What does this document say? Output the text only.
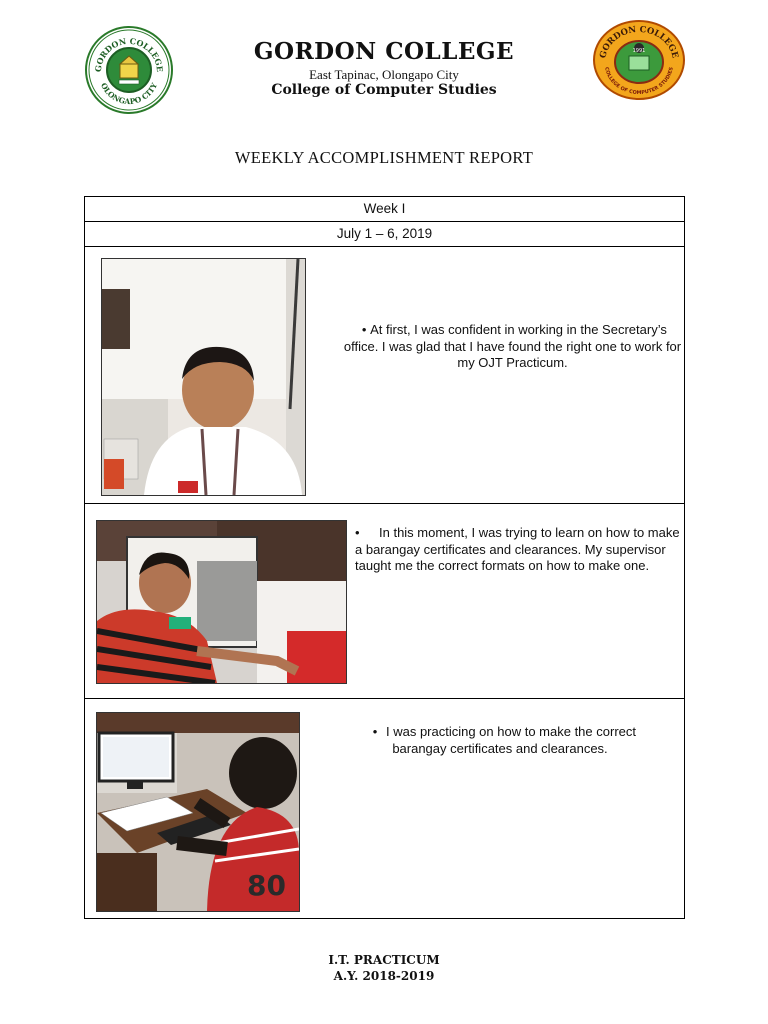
GORDON COLLEGE
OLONGAPO CITY
GORDON COLLEGE
COLLEGE OF COMPUTER STUDIES
1991
GORDON COLLEGE
East Tapinac, Olongapo City
College of Computer Studies
WEEKLY ACCOMPLISHMENT REPORT
Week I
July 1 – 6, 2019
• At first, I was confident in working in the Secretary’s office. I was glad that I have found the right one to work for my OJT Practicum.
• In this moment, I was trying to learn on how to make a barangay certificates and clearances. My supervisor taught me the correct formats on how to make one.
80
• I was practicing on how to make the correct barangay certificates and clearances.
I.T. PRACTICUM
A.Y. 2018-2019
